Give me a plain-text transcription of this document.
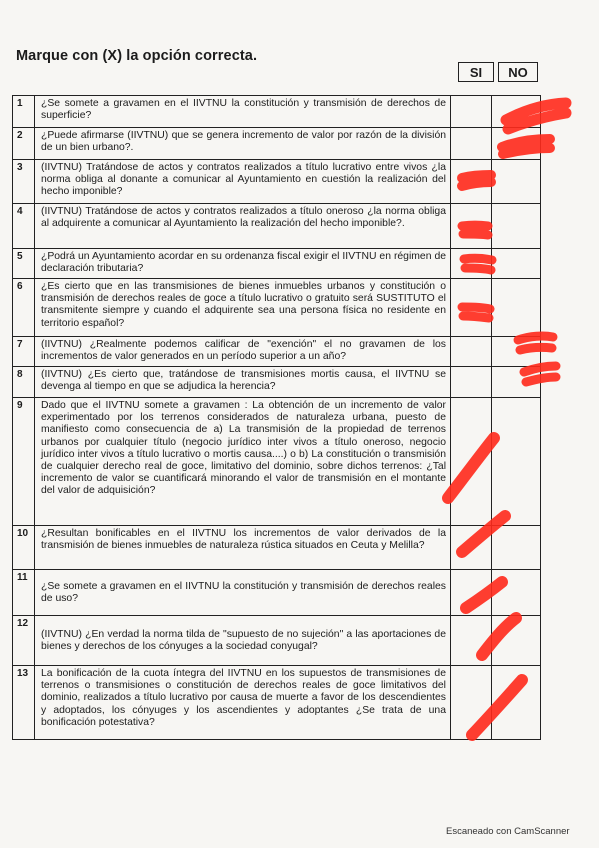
Marque con (X) la opción correcta.
SI	NO
1	¿Se somete a gravamen en el IIVTNU la constitución y transmisión de derechos de superficie?		
2	¿Puede afirmarse (IIVTNU) que se genera incremento de valor por razón de la división de un bien urbano?.		
3	(IIVTNU) Tratándose de actos y contratos realizados a título lucrativo entre vivos ¿la norma obliga al donante a comunicar al Ayuntamiento en cuestión la realización del hecho imponible?		
4	(IIVTNU) Tratándose de actos y contratos realizados a título oneroso ¿la norma obliga al adquirente a comunicar al Ayuntamiento la realización del hecho imponible?.		
5	¿Podrá un Ayuntamiento acordar en su ordenanza fiscal exigir el IIVTNU en régimen de declaración tributaria?		
6	¿Es cierto que en las transmisiones de bienes inmuebles urbanos y constitución o transmisión de derechos reales de goce a título lucrativo o gratuito será SUSTITUTO el transmitente siempre y cuando el adquirente sea una persona física no residente en territorio español?		
7	(IIVTNU) ¿Realmente podemos calificar de "exención" el no gravamen de los incrementos de valor generados en un período superior a un año?		
8	(IIVTNU) ¿Es cierto que, tratándose de transmisiones mortis causa, el IIVTNU se devenga al tiempo en que se adjudica la herencia?		
9	Dado que el IIVTNU somete a gravamen : La obtención de un incremento de valor experimentado por los terrenos considerados de naturaleza urbana, puesto de manifiesto como consecuencia de a) La transmisión de la propiedad de terrenos urbanos por cualquier título (negocio jurídico inter vivos a título oneroso, negocio jurídico inter vivos a título lucrativo o mortis causa....) o b) La constitución o transmisión de cualquier derecho real de goce, limitativo del dominio, sobre dichos terrenos: ¿Tal incremento de valor se cuantificará minorando el valor de transmisión en el montante del valor de adquisición?		
10	¿Resultan bonificables en el IIVTNU los incrementos de valor derivados de la transmisión de bienes inmuebles de naturaleza rústica situados en Ceuta y Melilla?		
11	¿Se somete a gravamen en el IIVTNU la constitución y transmisión de derechos reales de uso?		
12	(IIVTNU) ¿En verdad la norma tilda de "supuesto de no sujeción" a las aportaciones de bienes y derechos de los cónyuges a la sociedad conyugal?		
13	La bonificación de la cuota íntegra del IIVTNU en los supuestos de transmisiones de terrenos o transmisiones o constitución de derechos reales de goce limitativos del dominio, realizados a título lucrativo por causa de muerte a favor de los descendientes y adoptados, los cónyuges y los ascendientes y adoptantes ¿Se trata de una bonificación potestativa?		
Escaneado con CamScanner
